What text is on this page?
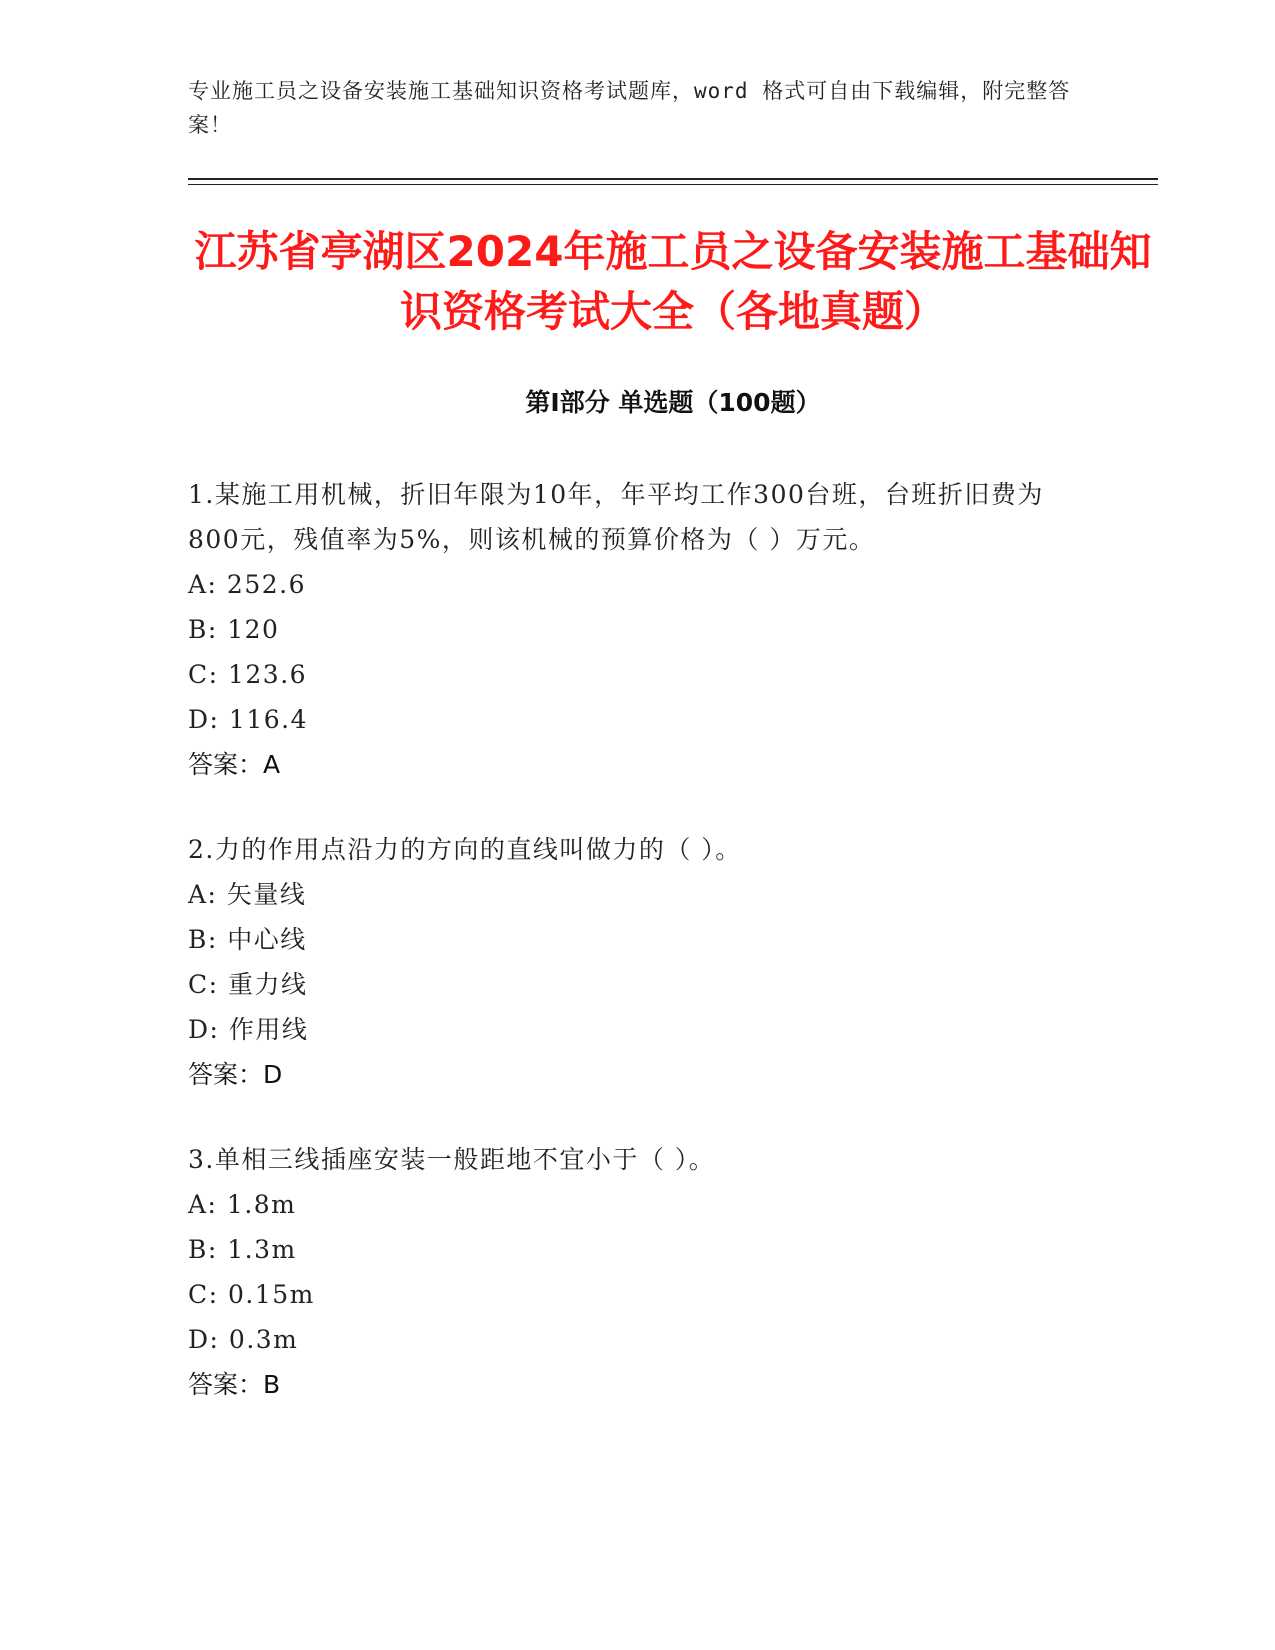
专业施工员之设备安装施工基础知识资格考试题库，word 格式可自由下载编辑，附完整答案！
江苏省亭湖区2024年施工员之设备安装施工基础知识资格考试大全（各地真题）
第Ⅰ部分 单选题（100题）
1.某施工用机械，折旧年限为10年，年平均工作300台班，台班折旧费为800元，残值率为5%，则该机械的预算价格为（ ）万元。
A: 252.6
B: 120
C: 123.6
D: 116.4
答案：A
2.力的作用点沿力的方向的直线叫做力的（ ）。
A: 矢量线
B: 中心线
C: 重力线
D: 作用线
答案：D
3.单相三线插座安装一般距地不宜小于（ ）。
A: 1.8m
B: 1.3m
C: 0.15m
D: 0.3m
答案：B
